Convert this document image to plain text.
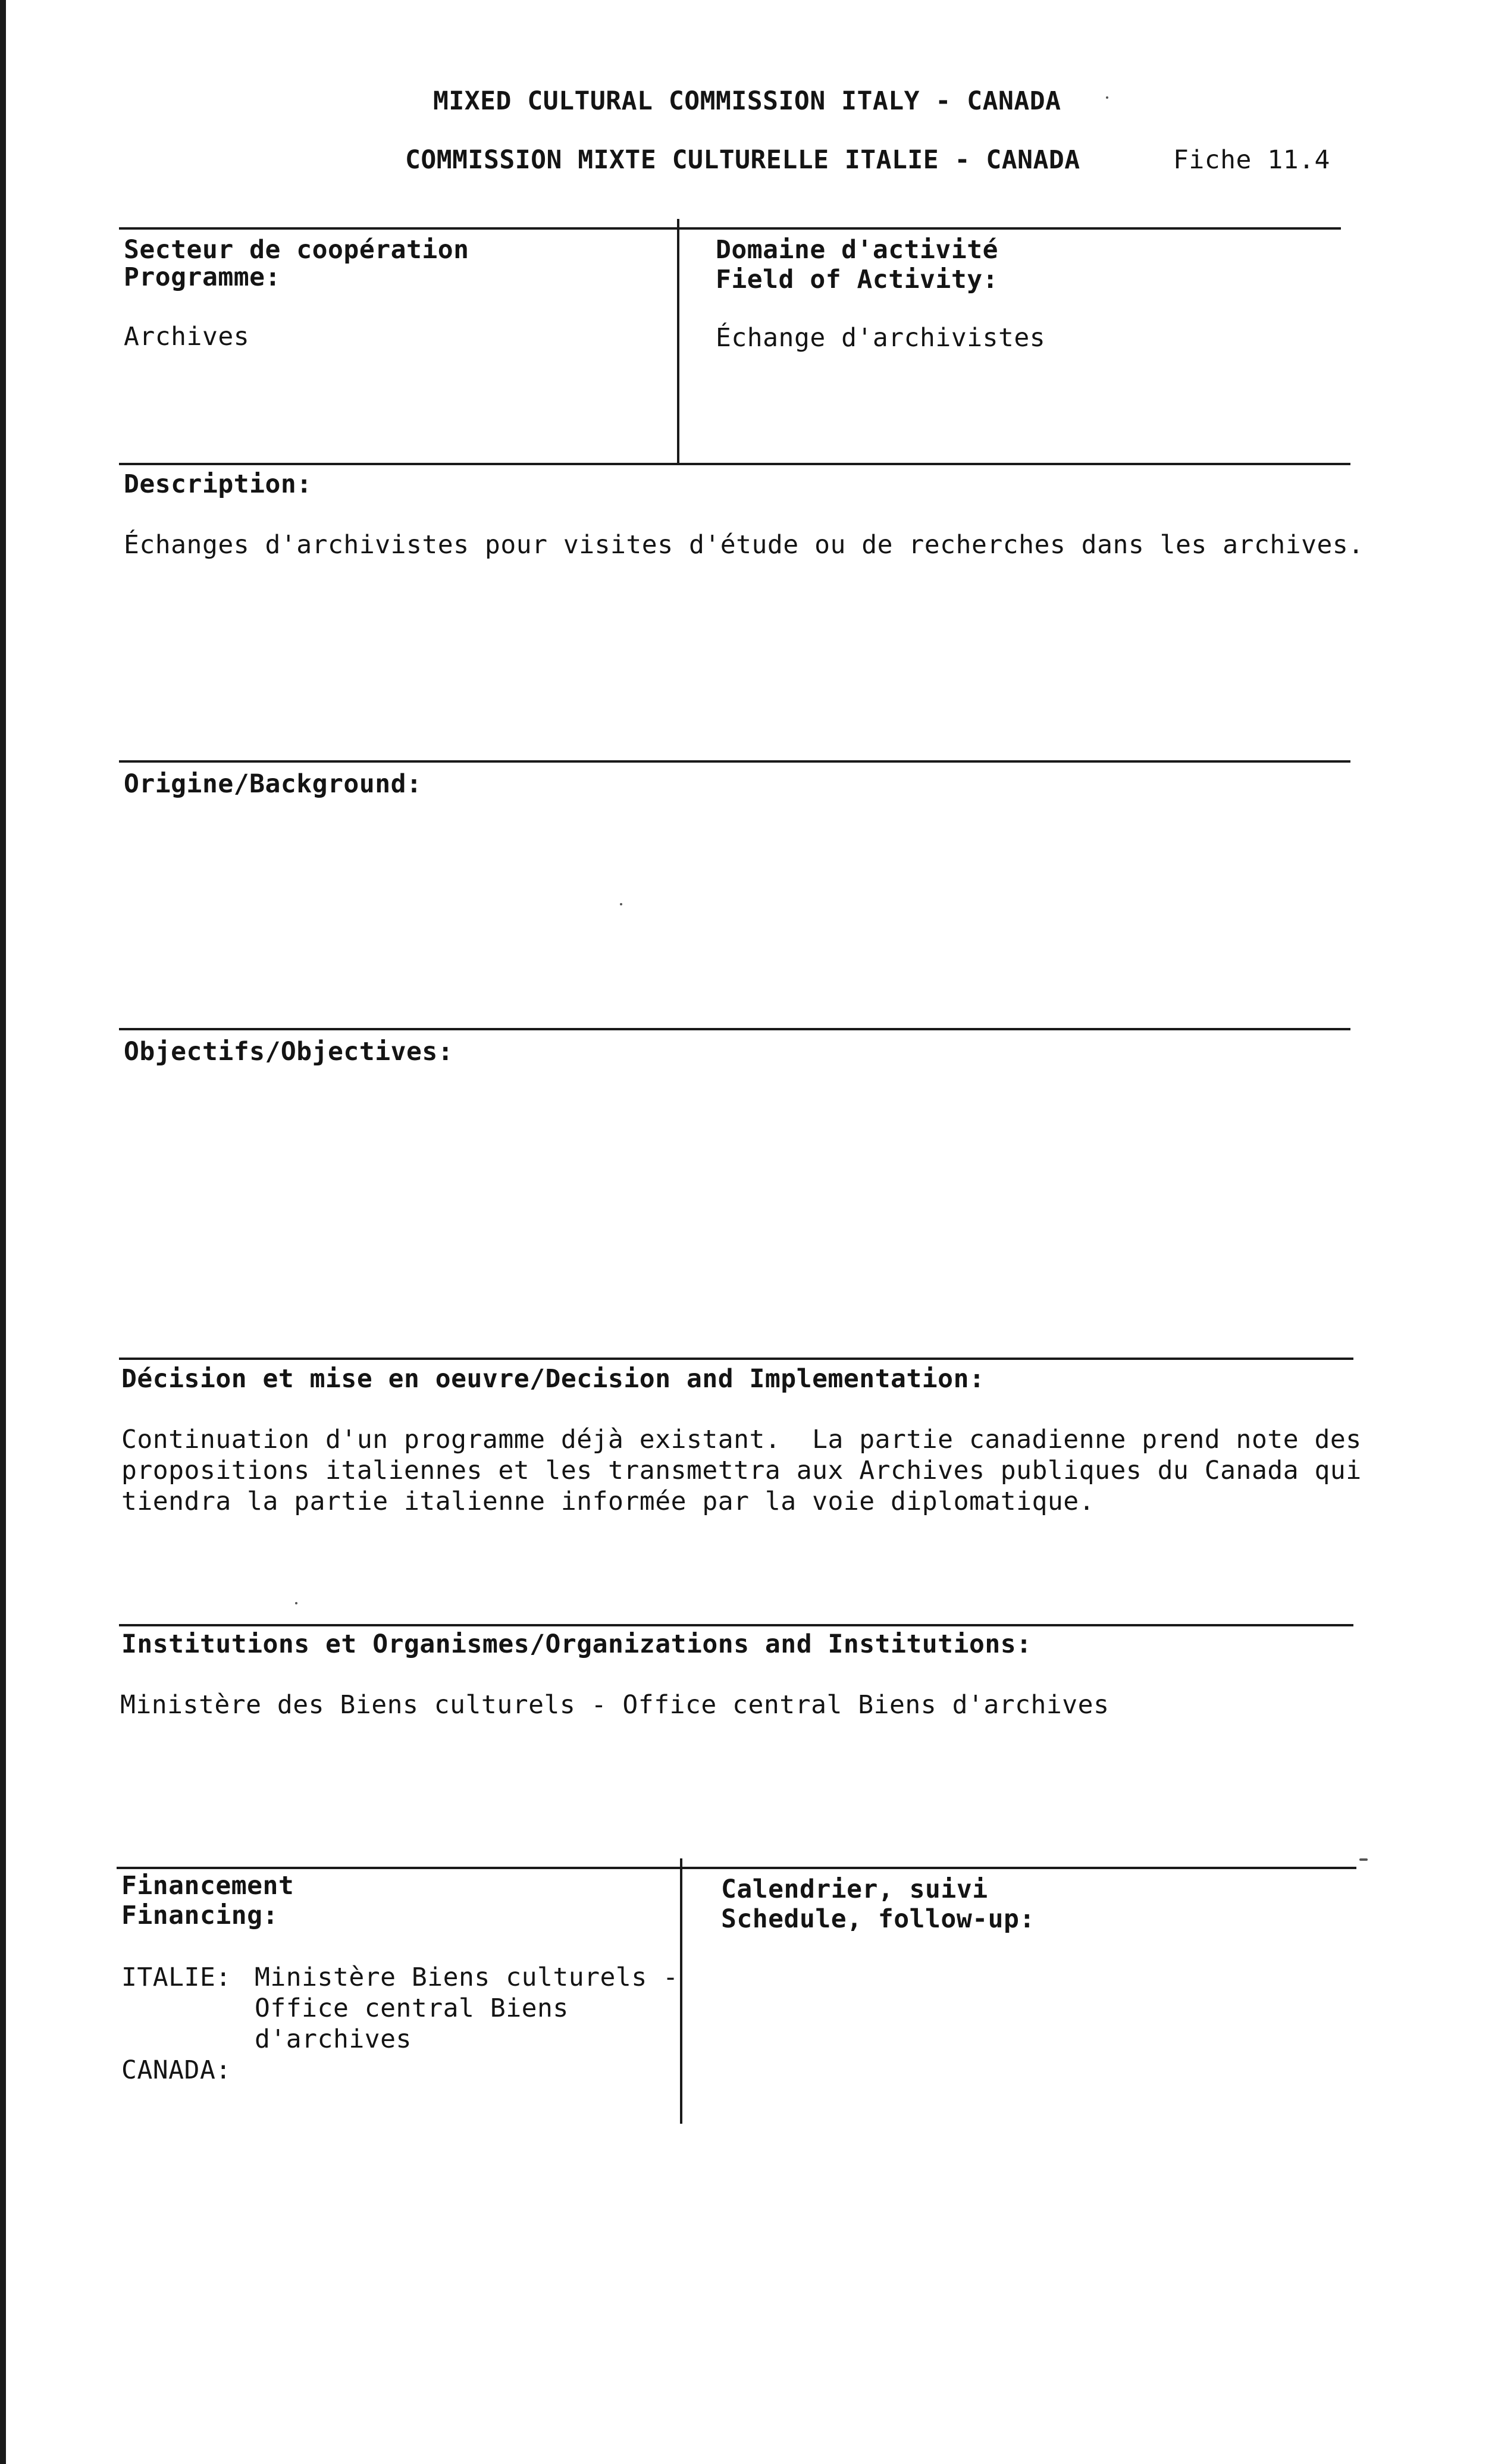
MIXED CULTURAL COMMISSION ITALY - CANADA
COMMISSION MIXTE CULTURELLE ITALIE - CANADA	Fiche 11.4
Secteur de coopération
Programme:
Archives
Domaine d'activité
Field of Activity:
Échange d'archivistes
Description:
Échanges d'archivistes pour visites d'étude ou de recherches dans les archives.
Origine/Background:
Objectifs/Objectives:
Décision et mise en oeuvre/Decision and Implementation:
Continuation d'un programme déjà existant.  La partie canadienne prend note des
propositions italiennes et les transmettra aux Archives publiques du Canada qui
tiendra la partie italienne informée par la voie diplomatique.
Institutions et Organismes/Organizations and Institutions:
Ministère des Biens culturels - Office central Biens d'archives
Financement
Financing:
ITALIE: Ministère Biens culturels -
Office central Biens
d'archives
CANADA:
Calendrier, suivi
Schedule, follow-up:
